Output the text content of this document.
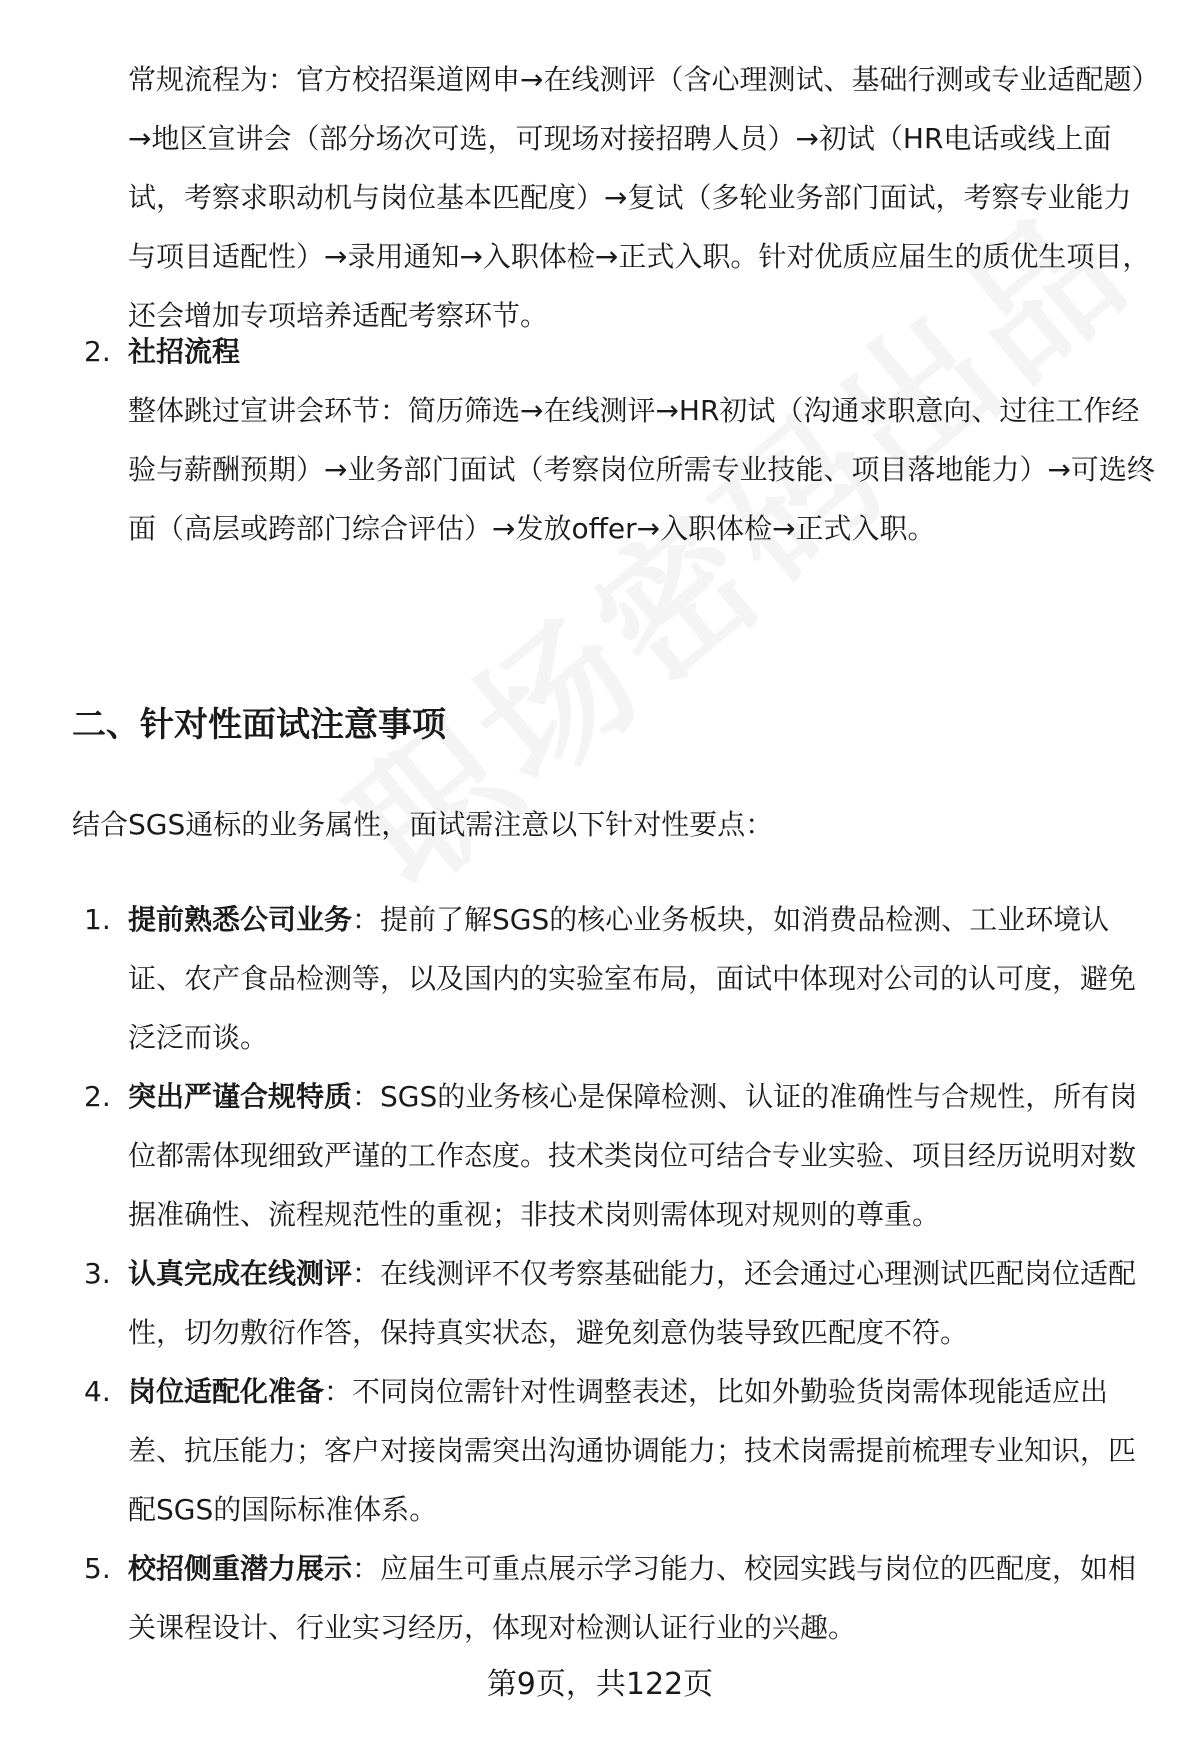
常规流程为：官方校招渠道网申→在线测评（含心理测试、基础行测或专业适配题）→地区宣讲会（部分场次可选，可现场对接招聘人员）→初试（HR电话或线上面试，考察求职动机与岗位基本匹配度）→复试（多轮业务部门面试，考察专业能力与项目适配性）→录用通知→入职体检→正式入职。针对优质应届生的质优生项目，还会增加专项培养适配考察环节。

2. 社招流程
整体跳过宣讲会环节：简历筛选→在线测评→HR初试（沟通求职意向、过往工作经验与薪酬预期）→业务部门面试（考察岗位所需专业技能、项目落地能力）→可选终面（高层或跨部门综合评估）→发放offer→入职体检→正式入职。
二、针对性面试注意事项
结合SGS通标的业务属性，面试需注意以下针对性要点：
1. 提前熟悉公司业务：提前了解SGS的核心业务板块，如消费品检测、工业环境认证、农产食品检测等，以及国内的实验室布局，面试中体现对公司的认可度，避免泛泛而谈。
2. 突出严谨合规特质：SGS的业务核心是保障检测、认证的准确性与合规性，所有岗位都需体现细致严谨的工作态度。技术类岗位可结合专业实验、项目经历说明对数据准确性、流程规范性的重视；非技术岗则需体现对规则的尊重。
3. 认真完成在线测评：在线测评不仅考察基础能力，还会通过心理测试匹配岗位适配性，切勿敷衍作答，保持真实状态，避免刻意伪装导致匹配度不符。
4. 岗位适配化准备：不同岗位需针对性调整表述，比如外勤验货岗需体现能适应出差、抗压能力；客户对接岗需突出沟通协调能力；技术岗需提前梳理专业知识，匹配SGS的国际标准体系。
5. 校招侧重潜力展示：应届生可重点展示学习能力、校园实践与岗位的匹配度，如相关课程设计、行业实习经历，体现对检测认证行业的兴趣。
第9页，共122页
